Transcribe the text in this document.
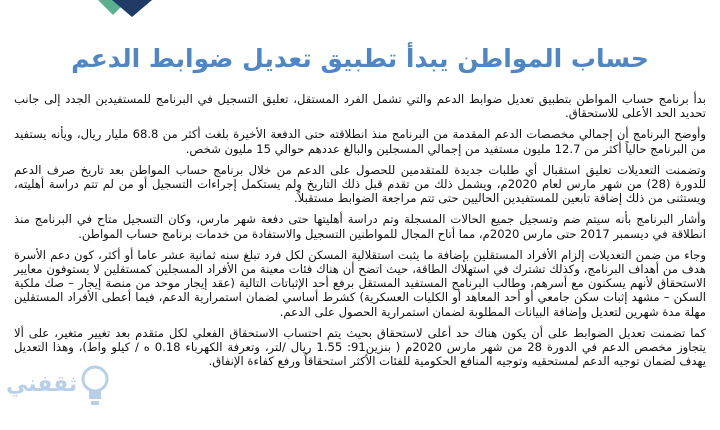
حساب المواطن يبدأ تطبيق تعديل ضوابط الدعم

بدأ برنامج حساب المواطن بتطبيق تعديل ضوابط الدعم والتي تشمل الفرد المستقل، تعليق التسجيل في البرنامج للمستفيدين الجدد إلى جانب تحديد الحد الأعلى للاستحقاق.

وأوضح البرنامج أن إجمالي مخصصات الدعم المقدمة من البرنامج منذ انطلاقته حتى الدفعة الأخيرة بلغت أكثر من 68.8 مليار ريال، ويأنه يستفيد من البرنامج حالياً أكثر من 12.7 مليون مستفيد من إجمالي المسجلين والبالغ عددهم حوالي 15 مليون شخص.

وتضمنت التعديلات تعليق استقبال أي طلبات جديدة للمتقدمين للحصول على الدعم من خلال برنامج حساب المواطن بعد تاريخ صرف الدعم للدورة (28) من شهر مارس لعام 2020م، ويشمل ذلك من تقدم قبل ذلك التاريخ ولم يستكمل إجراءات التسجيل أو من لم تتم دراسة أهليته، ويستثنى من ذلك إضافة تابعين للمستفيدين الحاليين حتى تتم مراجعة الضوابط مستقبلاً.

وأشار البرنامج بأنه سيتم ضم وتسجيل جميع الحالات المسجلة وتم دراسة أهليتها حتى دفعة شهر مارس، وكان التسجيل متاح في البرنامج منذ انطلاقة في ديسمبر 2017 حتى مارس 2020م، مما أتاح المجال للمواطنين التسجيل والاستفادة من خدمات برنامج حساب المواطن.

وجاء من ضمن التعديلات إلزام الأفراد المستقلين بإضافة ما يثبت استقلالية المسكن لكل فرد تبلغ سنه ثمانية عشر عاما أو أكثر، كون دعم الأسرة هدف من أهداف البرنامج، وكذلك تشترك في استهلاك الطاقة، حيث اتضح أن هناك فئات معينة من الأفراد المسجلين كمستقلين لا يستوفون معايير الاستحقاق لأنهم يسكنون مع أسرهم، وطالب البرنامج المستفيد المستقل برفع أحد الإثباتات التالية (عقد إيجار موحد من منصة إيجار – صك ملكية السكن – مشهد إثبات سكن جامعي أو أحد المعاهد أو الكليات العسكرية) كشرط أساسي لضمان استمرارية الدعم، فيما أعطى الأفراد المستقلين مهلة مدة شهرين لتعديل وإضافة البيانات المطلوبة لضمان استمرارية الحصول على الدعم.

كما تضمنت تعديل الضوابط على أن يكون هناك حد أعلى لاستحقاق بحيث يتم احتساب الاستحقاق الفعلي لكل متقدم بعد تغيير متغير، على ألا يتجاوز مخصص الدعم في الدورة 28 من شهر مارس 2020م ( بنزين91: 1.55 ريال /لتر، وتعرفة الكهرباء 0.18 ه / كيلو واط)، وهذا التعديل يهدف لضمان توجيه الدعم لمستحقيه وتوجيه المنافع الحكومية للفئات الأكثر استحقاقاً ورفع كفاءة الإنفاق.

ثقفني
